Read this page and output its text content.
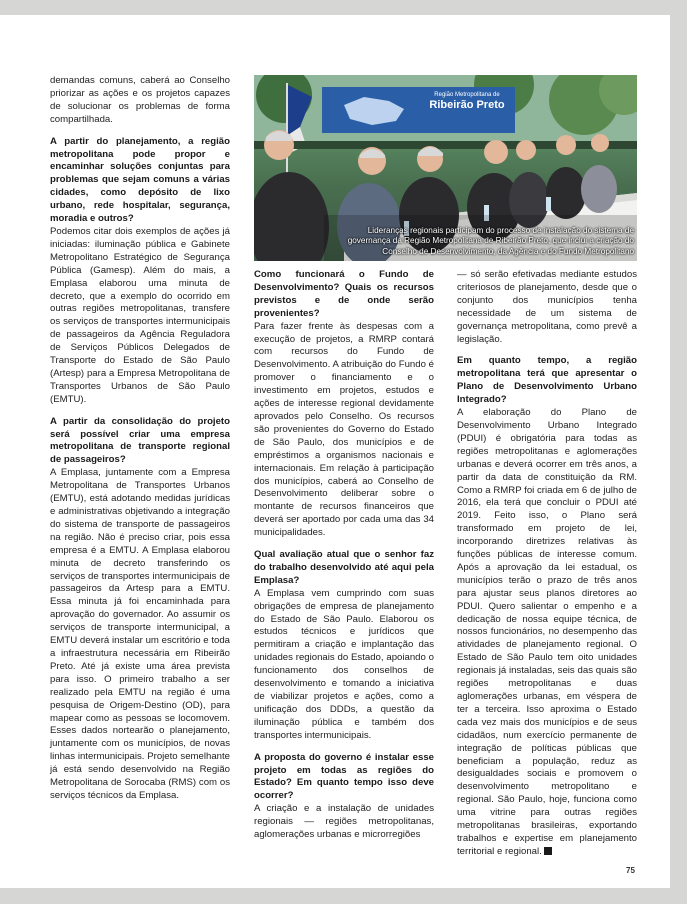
demandas comuns, caberá ao Conselho priorizar as ações e os projetos capazes de solucionar os problemas de forma compartilhada.

A partir do planejamento, a região metropolitana pode propor e encaminhar soluções conjuntas para problemas que sejam comuns a várias cidades, como depósito de lixo urbano, rede hospitalar, segurança, moradia e outros?

Podemos citar dois exemplos de ações já iniciadas: iluminação pública e Gabinete Metropolitano Estratégico de Segurança Pública (Gamesp). Além do mais, a Emplasa elaborou uma minuta de decreto, que a exemplo do ocorrido em outras regiões metropolitanas, transfere os serviços de transportes intermunicipais de passageiros da Agência Reguladora de Serviços Públicos Delegados de Transporte do Estado de São Paulo (Artesp) para a Empresa Metropolitana de Transportes Urbanos de São Paulo (EMTU).

A partir da consolidação do projeto será possível criar uma empresa metropolitana de transporte regional de passageiros?

A Emplasa, juntamente com a Empresa Metropolitana de Transportes Urbanos (EMTU), está adotando medidas jurídicas e administrativas objetivando a integração do sistema de transporte de passageiros na região. Não é preciso criar, pois essa empresa é a EMTU. A Emplasa elaborou minuta de decreto transferindo os serviços de transportes intermunicipais de passageiros da Artesp para a EMTU. Essa minuta já foi encaminhada para aprovação do governador. Ao assumir os serviços de transporte intermunicipal, a EMTU deverá instalar um escritório e toda a infraestrutura necessária em Ribeirão Preto. Até já existe uma área prevista para isso. O primeiro trabalho a ser realizado pela EMTU na região é uma pesquisa de Origem-Destino (OD), para mapear como as pessoas se locomovem. Esses dados nortearão o planejamento, juntamente com os municípios, de novas linhas intermunicipais. Projeto semelhante já está sendo desenvolvido na Região Metropolitana de Sorocaba (RMS) com os serviços técnicos da Emplasa.

Região Metropolitana de
Ribeirão Preto
Lideranças regionais participam do processo de instalação do sistema de governança da Região Metropolitana de Ribeirão Preto, que inclui a criação do Conselho de Desenvolvimento, da Agência e do Fundo Metropolitano

Como funcionará o Fundo de Desenvolvimento? Quais os recursos previstos e de onde serão provenientes?

Para fazer frente às despesas com a execução de projetos, a RMRP contará com recursos do Fundo de Desenvolvimento. A atribuição do Fundo é promover o financiamento e o investimento em projetos, estudos e ações de interesse regional devidamente aprovados pelo Conselho. Os recursos são provenientes do Governo do Estado de São Paulo, dos municípios e de empréstimos a organismos nacionais e internacionais. Em relação à participação dos municípios, caberá ao Conselho de Desenvolvimento deliberar sobre o montante de recursos financeiros que deverá ser aportado por cada uma das 34 municipalidades.

Qual avaliação atual que o senhor faz do trabalho desenvolvido até aqui pela Emplasa?

A Emplasa vem cumprindo com suas obrigações de empresa de planejamento do Estado de São Paulo. Elaborou os estudos técnicos e jurídicos que permitiram a criação e implantação das unidades regionais do Estado, apoiando o funcionamento dos conselhos de desenvolvimento e tomando a iniciativa de viabilizar projetos e ações, como a unificação dos DDDs, a questão da iluminação pública e também dos transportes intermunicipais.

A proposta do governo é instalar esse projeto em todas as regiões do Estado? Em quanto tempo isso deve ocorrer?

A criação e a instalação de unidades regionais — regiões metropolitanas, aglomerações urbanas e microrregiões

— só serão efetivadas mediante estudos criteriosos de planejamento, desde que o conjunto dos municípios tenha necessidade de um sistema de governança metropolitana, como prevê a legislação.

Em quanto tempo, a região metropolitana terá que apresentar o Plano de Desenvolvimento Urbano Integrado?

A elaboração do Plano de Desenvolvimento Urbano Integrado (PDUI) é obrigatória para todas as regiões metropolitanas e aglomerações urbanas e deverá ocorrer em três anos, a partir da data de constituição da RM. Como a RMRP foi criada em 6 de julho de 2016, ela terá que concluir o PDUI até 2019. Feito isso, o Plano será transformado em projeto de lei, incorporando diretrizes relativas às funções públicas de interesse comum. Após a aprovação da lei estadual, os municípios terão o prazo de três anos para ajustar seus planos diretores ao PDUI. Quero salientar o empenho e a dedicação de nossa equipe técnica, de nossos funcionários, no desempenho das atividades de planejamento regional. O Estado de São Paulo tem oito unidades regionais já instaladas, seis das quais são regiões metropolitanas e duas aglomerações urbanas, em véspera de ter a terceira. Isso aproxima o Estado cada vez mais dos municípios e de seus cidadãos, num exercício permanente de integração de políticas públicas que beneficiam a população, reduz as desigualdades sociais e promovem o desenvolvimento metropolitano e regional. São Paulo, hoje, funciona como uma vitrine para outras regiões metropolitanas brasileiras, exportando trabalhos e expertise em planejamento territorial e regional.

75
